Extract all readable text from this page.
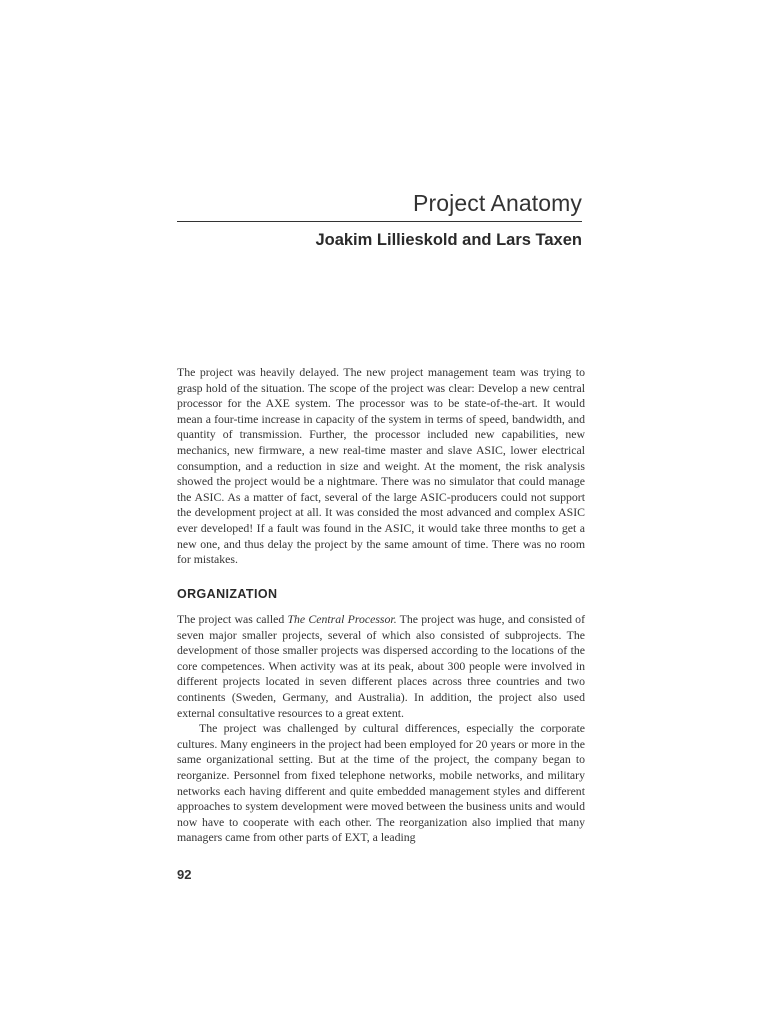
Project Anatomy
Joakim Lillieskold and Lars Taxen

The project was heavily delayed. The new project management team was trying to grasp hold of the situation. The scope of the project was clear: Develop a new central processor for the AXE system. The processor was to be state-of-the-art. It would mean a four-time increase in capacity of the system in terms of speed, bandwidth, and quantity of transmission. Further, the processor included new capabilities, new mechanics, new firmware, a new real-time master and slave ASIC, lower electrical consumption, and a reduction in size and weight. At the moment, the risk analysis showed the project would be a nightmare. There was no simulator that could manage the ASIC. As a matter of fact, several of the large ASIC-producers could not support the development project at all. It was consided the most advanced and complex ASIC ever developed! If a fault was found in the ASIC, it would take three months to get a new one, and thus delay the project by the same amount of time. There was no room for mistakes.

ORGANIZATION

The project was called The Central Processor. The project was huge, and consisted of seven major smaller projects, several of which also consisted of subprojects. The development of those smaller projects was dispersed according to the locations of the core competences. When activity was at its peak, about 300 people were involved in different projects located in seven different places across three countries and two continents (Sweden, Germany, and Australia). In addition, the project also used external consultative resources to a great extent.

The project was challenged by cultural differences, especially the corporate cultures. Many engineers in the project had been employed for 20 years or more in the same organizational setting. But at the time of the project, the company began to reorganize. Personnel from fixed telephone networks, mobile networks, and military networks each having different and quite embedded management styles and different approaches to system development were moved between the business units and would now have to cooperate with each other. The reorganization also implied that many managers came from other parts of EXT, a leading

92
